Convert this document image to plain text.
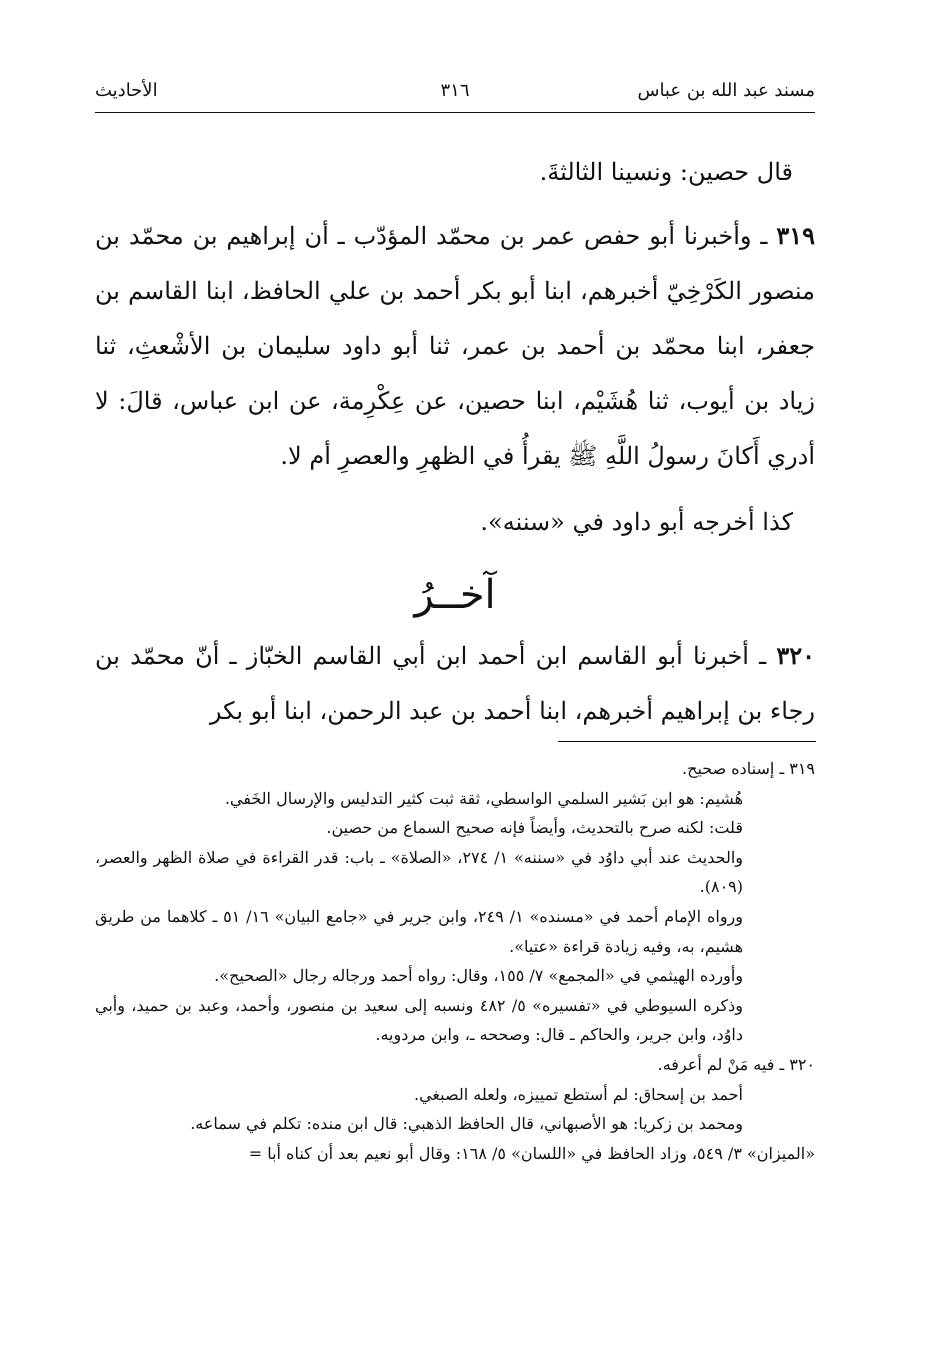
مسند عبد الله بن عباس
٣١٦
الأحاديث

قال حصين: ونسينا الثالثةَ.

٣١٩ ـ وأخبرنا أبو حفص عمر بن محمّد المؤدّب ـ أن إبراهيم بن محمّد بن منصور الكَرْخِيّ أخبرهم، ابنا أبو بكر أحمد بن علي الحافظ، ابنا القاسم بن جعفر، ابنا محمّد بن أحمد بن عمر، ثنا أبو داود سليمان بن الأشْعثِ، ثنا زياد بن أيوب، ثنا هُشَيْم، ابنا حصين، عن عِكْرِمة، عن ابن عباس، قالَ: لا أدري أَكانَ رسولُ اللَّهِ ﷺ يقرأُ في الظهرِ والعصرِ أم لا.

كذا أخرجه أبو داود في «سننه».

آخــرُ

٣٢٠ ـ أخبرنا أبو القاسم ابن أحمد ابن أبي القاسم الخبّاز ـ أنّ محمّد بن رجاء بن إبراهيم أخبرهم، ابنا أحمد بن عبد الرحمن، ابنا أبو بكر

٣١٩ ـ إسناده صحيح.

هُشيم: هو ابن بَشير السلمي الواسطي، ثقة ثبت كثير التدليس والإرسال الخَفي.

قلت: لكنه صرح بالتحديث، وأيضاً فإنه صحيح السماع من حصين.

والحديث عند أبي داوُد في «سننه» ١/ ٢٧٤، «الصلاة» ـ باب: قدر القراءة في صلاة الظهر والعصر، (٨٠٩).

ورواه الإمام أحمد في «مسنده» ١/ ٢٤٩، وابن جرير في «جامع البيان» ١٦/ ٥١ ـ كلاهما من طريق هشيم، به، وفيه زيادة قراءة «عتيا».

وأورده الهيثمي في «المجمع» ٧/ ١٥٥، وقال: رواه أحمد ورجاله رجال «الصحيح».

وذكره السيوطي في «تفسيره» ٥/ ٤٨٢ ونسبه إلى سعيد بن منصور، وأحمد، وعبد بن حميد، وأبي داوُد، وابن جرير، والحاكم ـ قال: وصححه ـ، وابن مردويه.

٣٢٠ ـ فيه مَنْ لم أعرفه.

أحمد بن إسحاق: لم أستطع تمييزه، ولعله الصبغي.

ومحمد بن زكريا: هو الأصبهاني، قال الحافظ الذهبي: قال ابن منده: تكلم في سماعه.

«الميزان» ٣/ ٥٤٩، وزاد الحافظ في «اللسان» ٥/ ١٦٨: وقال أبو نعيم بعد أن كناه أبا =
